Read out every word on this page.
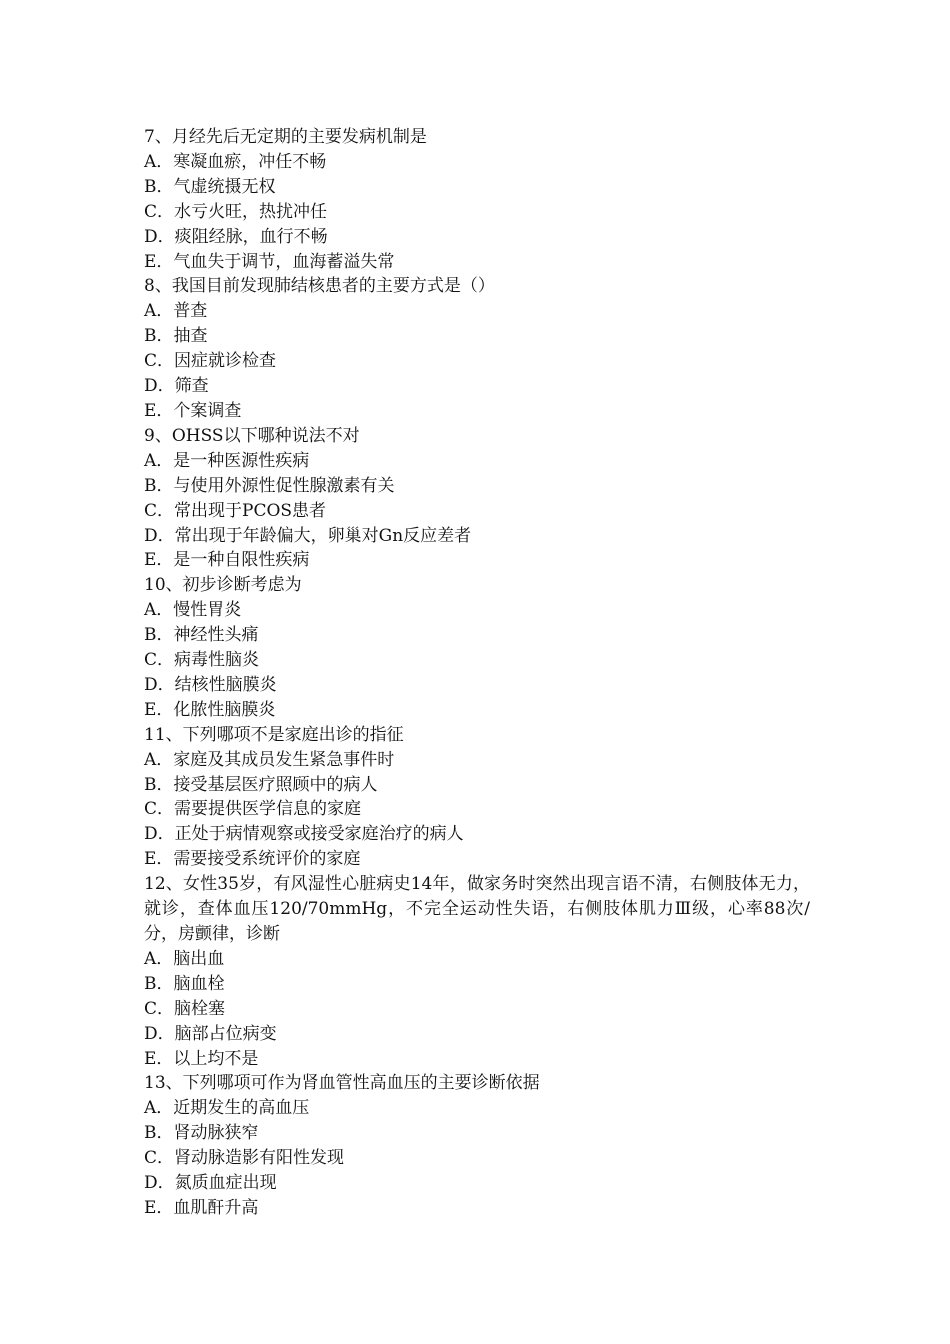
7、月经先后无定期的主要发病机制是

A．寒凝血瘀，冲任不畅

B．气虚统摄无权

C．水亏火旺，热扰冲任

D．痰阻经脉，血行不畅

E．气血失于调节，血海蓄溢失常

8、我国目前发现肺结核患者的主要方式是（）

A．普查

B．抽查

C．因症就诊检查

D．筛查

E．个案调查

9、OHSS以下哪种说法不对

A．是一种医源性疾病

B．与使用外源性促性腺激素有关

C．常出现于PCOS患者

D．常出现于年龄偏大，卵巢对Gn反应差者

E．是一种自限性疾病

10、初步诊断考虑为

A．慢性胃炎

B．神经性头痛

C．病毒性脑炎

D．结核性脑膜炎

E．化脓性脑膜炎

11、下列哪项不是家庭出诊的指征

A．家庭及其成员发生紧急事件时

B．接受基层医疗照顾中的病人

C．需要提供医学信息的家庭

D．正处于病情观察或接受家庭治疗的病人

E．需要接受系统评价的家庭

12、女性35岁，有风湿性心脏病史14年，做家务时突然出现言语不清，右侧肢体无力，就诊，查体血压120/70mmHg，不完全运动性失语，右侧肢体肌力Ⅲ级，心率88次/分，房颤律，诊断

A．脑出血

B．脑血栓

C．脑栓塞

D．脑部占位病变

E．以上均不是

13、下列哪项可作为肾血管性高血压的主要诊断依据

A．近期发生的高血压

B．肾动脉狭窄

C．肾动脉造影有阳性发现

D．氮质血症出现

E．血肌酐升高
